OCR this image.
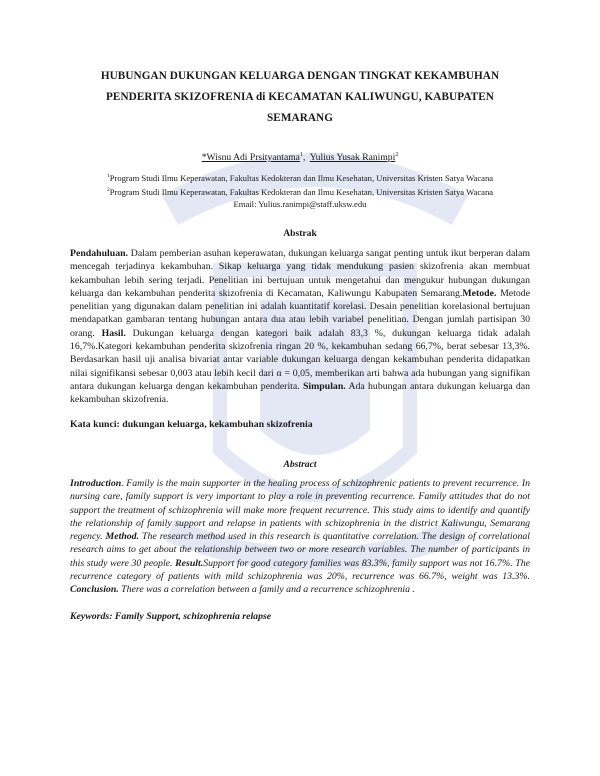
HUBUNGAN DUKUNGAN KELUARGA DENGAN TINGKAT KEKAMBUHAN
PENDERITA SKIZOFRENIA di KECAMATAN KALIWUNGU, KABUPATEN
SEMARANG
*Wisnu Adi Prsityantama$^1$,  Yulius Yusak Ranimpi$^2$
$^1$Program Studi Ilmu Keperawatan, Fakultas Kedokteran dan Ilmu Kesehatan, Universitas Kristen Satya Wacana
$^2$Program Studi Ilmu Keperawatan, Fakultas Kedokteran dan Ilmu Kesehatan, Universitas Kristen Satya Wacana
Email: Yulius.ranimpi@staff.uksw.edu
Abstrak
Pendahuluan. Dalam pemberian asuhan keperawatan, dukungan keluarga sangat penting untuk ikut berperan dalam mencegah terjadinya kekambuhan. Sikap keluarga yang tidak mendukung pasien skizofrenia akan membuat kekambuhan lebih sering terjadi. Penelitian ini bertujuan untuk mengetahui dan mengukur hubungan dukungan keluarga dan kekambuhan penderita skizofrenia di Kecamatan, Kaliwungu Kabupaten Semarang.Metode. Metode penelitian yang digunakan dalam penelitian ini adalah kuantitatif korelasi. Desain penelitian korelasional bertujuan mendapatkan gambaran tentang hubungan antara dua atau lebih variabel penelitian. Dengan jumlah partisipan 30 orang. Hasil. Dukungan keluarga dengan kategori baik adalah 83,3 %, dukungan keluarga tidak adalah 16,7%.Kategori kekambuhan penderita skizofrenia ringan 20 %, kekambuhan sedang 66,7%, berat sebesar 13,3%. Berdasarkan hasil uji analisa bivariat antar variable dukungan keluarga dengan kekambuhan penderita didapatkan nilai signifikansi sebesar 0,003 atau lebih kecil dari α = 0,05, memberikan arti bahwa ada hubungan yang signifikan antara dukungan keluarga dengan kekambuhan penderita. Simpulan. Ada hubungan antara dukungan keluarga dan kekambuhan skizofrenia.
Kata kunci: dukungan keluarga, kekambuhan skizofrenia
Abstract
Introduction. Family is the main supporter in the healing process of schizophrenic patients to prevent recurrence. In nursing care, family support is very important to play a role in preventing recurrence. Family attitudes that do not support the treatment of schizophrenia will make more frequent recurrence. This study aims to identify and quantify the relationship of family support and relapse in patients with schizophrenia in the district Kaliwungu, Semarang regency. Method. The research method used in this research is quantitative correlation. The design of correlational research aims to get about the relationship between two or more research variables. The number of participants in this study were 30 people. Result.Support for good category families was 83.3%, family support was not 16.7%. The recurrence category of patients with mild schizophrenia was 20%, recurrence was 66.7%, weight was 13.3%. Conclusion. There was a correlation between a family and a recurrence schizophrenia .
Keywords: Family Support, schizophrenia relapse
